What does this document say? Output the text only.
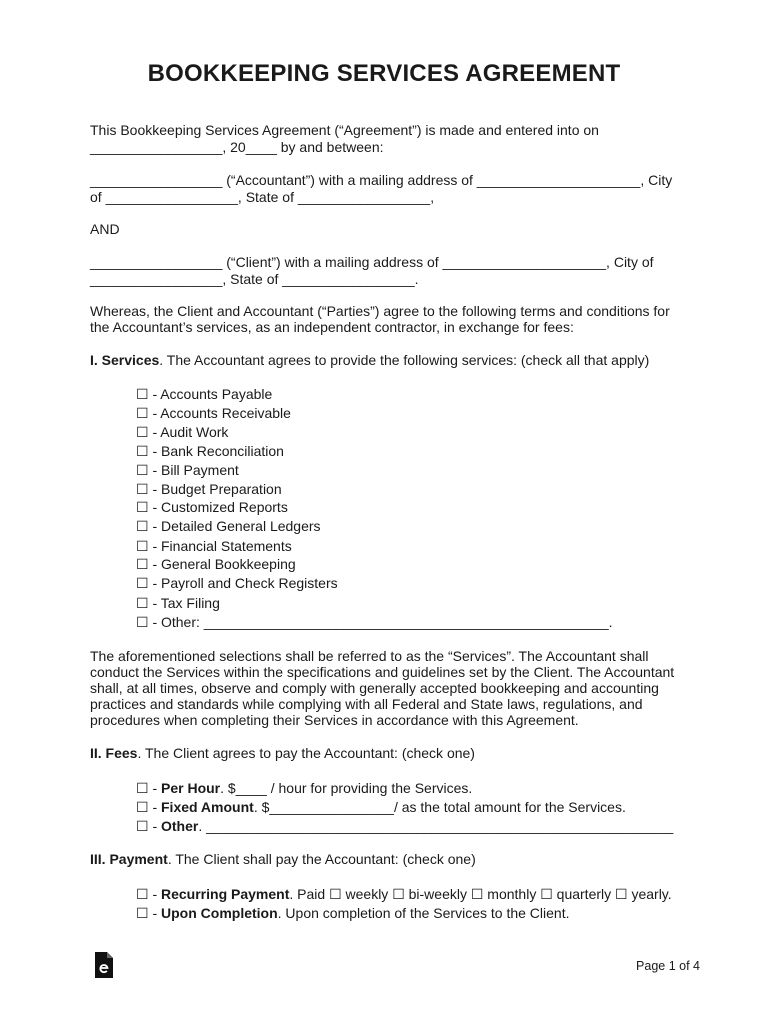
BOOKKEEPING SERVICES AGREEMENT
This Bookkeeping Services Agreement (“Agreement”) is made and entered into on
_________________, 20____ by and between:
_________________ (“Accountant”) with a mailing address of _____________________, City
of _________________, State of _________________,
AND
_________________ (“Client”) with a mailing address of _____________________, City of
_________________, State of _________________.
Whereas, the Client and Accountant (“Parties”) agree to the following terms and conditions for
the Accountant’s services, as an independent contractor, in exchange for fees:
I. Services. The Accountant agrees to provide the following services: (check all that apply)
☐ - Accounts Payable
☐ - Accounts Receivable
☐ - Audit Work
☐ - Bank Reconciliation
☐ - Bill Payment
☐ - Budget Preparation
☐ - Customized Reports
☐ - Detailed General Ledgers
☐ - Financial Statements
☐ - General Bookkeeping
☐ - Payroll and Check Registers
☐ - Tax Filing
☐ - Other: ____________________________________________________.
The aforementioned selections shall be referred to as the “Services”. The Accountant shall
conduct the Services within the specifications and guidelines set by the Client. The Accountant
shall, at all times, observe and comply with generally accepted bookkeeping and accounting
practices and standards while complying with all Federal and State laws, regulations, and
procedures when completing their Services in accordance with this Agreement.
II. Fees. The Client agrees to pay the Accountant: (check one)
☐ - Per Hour. $____ / hour for providing the Services.
☐ - Fixed Amount. $________________/ as the total amount for the Services.
☐ - Other. ____________________________________________________________
III. Payment. The Client shall pay the Accountant: (check one)
☐ - Recurring Payment. Paid ☐ weekly ☐ bi-weekly ☐ monthly ☐ quarterly ☐ yearly.
☐ - Upon Completion. Upon completion of the Services to the Client.
Page 1 of 4
